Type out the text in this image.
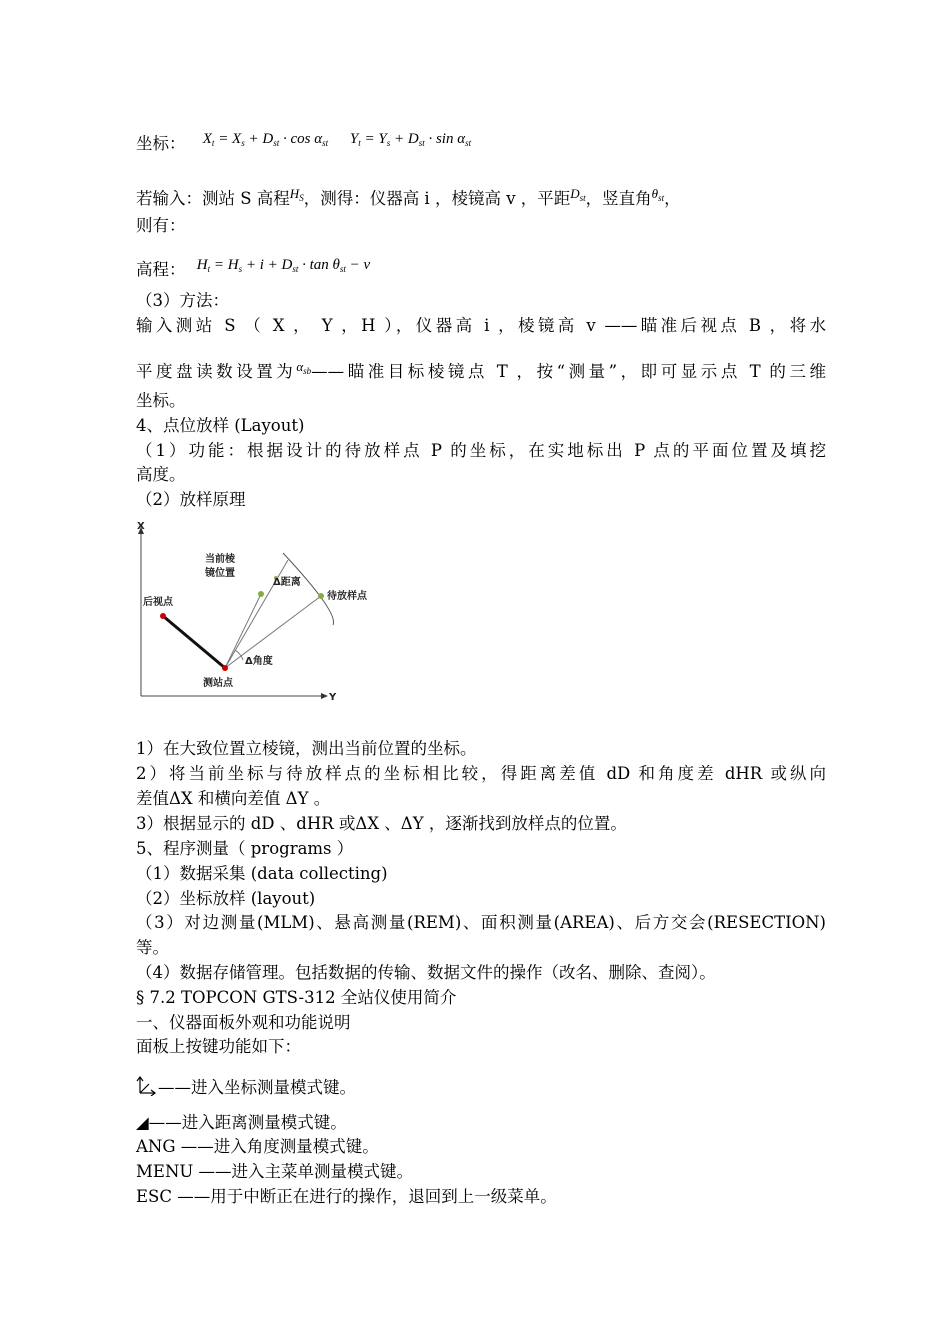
坐标： $X_t = X_s + D_{st} \cdot \cos \alpha_{st}$ $Y_t = Y_s + D_{st} \cdot \sin \alpha_{st}$
若输入：测站 S 高程$^{H_S}$，测得：仪器高 i ，棱镜高 v ，平距$^{D_{st}}$，竖直角$^{\theta_{st}}$，
则有：
高程： $H_t = H_s + i + D_{st} \cdot \tan \theta_{st} - v$
（3）方法：
输入测站 S （ X ， Y ，H ），仪器高 i ，棱镜高 v ——瞄准后视点 B ，将水
平度盘读数设置为$^{\alpha_{sb}}$——瞄准目标棱镜点 T ，按“测量”，即可显示点 T 的三维
坐标。
4、点位放样 (Layout)
（1）功能：根据设计的待放样点 P 的坐标，在实地标出 P 点的平面位置及填挖
高度。
（2）放样原理
X
Y
后视点
测站点
当前棱
镜位置
Δ距离
待放样点
Δ角度
1）在大致位置立棱镜，测出当前位置的坐标。
2）将当前坐标与待放样点的坐标相比较，得距离差值 dD 和角度差 dHR 或纵向
差值ΔX 和横向差值 ΔY 。
3）根据显示的 dD 、dHR 或ΔX 、ΔY ，逐渐找到放样点的位置。
5、程序测量（ programs ）
（1）数据采集 (data collecting)
（2）坐标放样 (layout)
（3）对边测量(MLM)、悬高测量(REM)、面积测量(AREA)、后方交会(RESECTION)
等。
（4）数据存储管理。包括数据的传输、数据文件的操作（改名、删除、查阅）。
§ 7.2 TOPCON GTS-312 全站仪使用简介
一、仪器面板外观和功能说明
面板上按键功能如下：
——进入坐标测量模式键。
◢——进入距离测量模式键。
ANG ——进入角度测量模式键。
MENU ——进入主菜单测量模式键。
ESC ——用于中断正在进行的操作，退回到上一级菜单。
